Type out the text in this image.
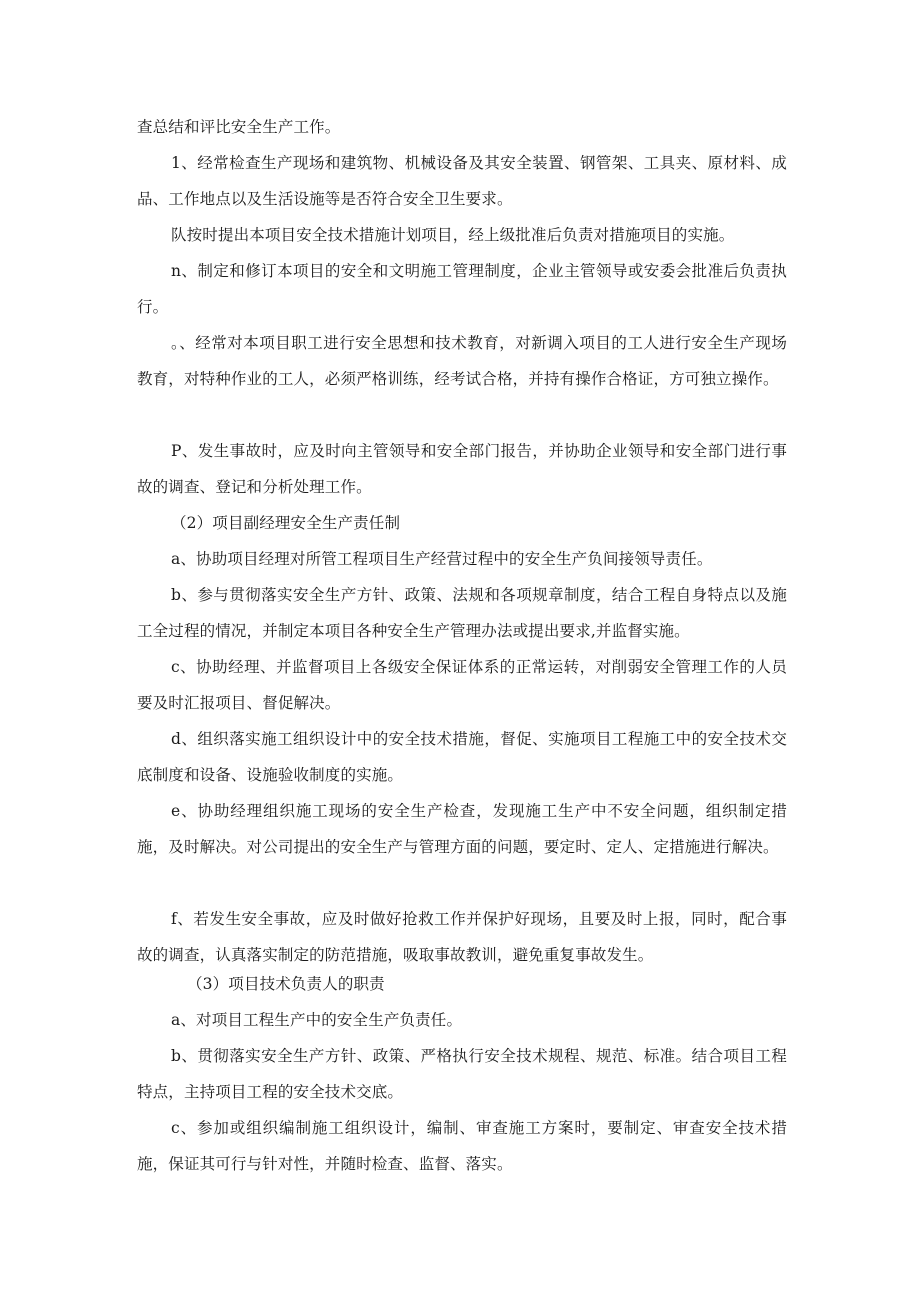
查总结和评比安全生产工作。

1、经常检查生产现场和建筑物、机械设备及其安全装置、钢管架、工具夹、原材料、成品、工作地点以及生活设施等是否符合安全卫生要求。

队按时提出本项目安全技术措施计划项目，经上级批准后负责对措施项目的实施。

n、制定和修订本项目的安全和文明施工管理制度，企业主管领导或安委会批准后负责执行。

。、经常对本项目职工进行安全思想和技术教育，对新调入项目的工人进行安全生产现场教育，对特种作业的工人，必须严格训练，经考试合格，并持有操作合格证，方可独立操作。

P、发生事故时，应及时向主管领导和安全部门报告，并协助企业领导和安全部门进行事故的调查、登记和分析处理工作。

（2）项目副经理安全生产责任制

a、协助项目经理对所管工程项目生产经营过程中的安全生产负间接领导责任。

b、参与贯彻落实安全生产方针、政策、法规和各项规章制度，结合工程自身特点以及施工全过程的情况，并制定本项目各种安全生产管理办法或提出要求,并监督实施。

c、协助经理、并监督项目上各级安全保证体系的正常运转，对削弱安全管理工作的人员要及时汇报项目、督促解决。

d、组织落实施工组织设计中的安全技术措施，督促、实施项目工程施工中的安全技术交底制度和设备、设施验收制度的实施。

e、协助经理组织施工现场的安全生产检查，发现施工生产中不安全问题，组织制定措施，及时解决。对公司提出的安全生产与管理方面的问题，要定时、定人、定措施进行解决。

f、若发生安全事故，应及时做好抢救工作并保护好现场，且要及时上报，同时，配合事故的调查，认真落实制定的防范措施，吸取事故教训，避免重复事故发生。

（3）项目技术负责人的职责

a、对项目工程生产中的安全生产负责任。

b、贯彻落实安全生产方针、政策、严格执行安全技术规程、规范、标准。结合项目工程特点，主持项目工程的安全技术交底。

c、参加或组织编制施工组织设计，编制、审查施工方案时，要制定、审查安全技术措施，保证其可行与针对性，并随时检查、监督、落实。
